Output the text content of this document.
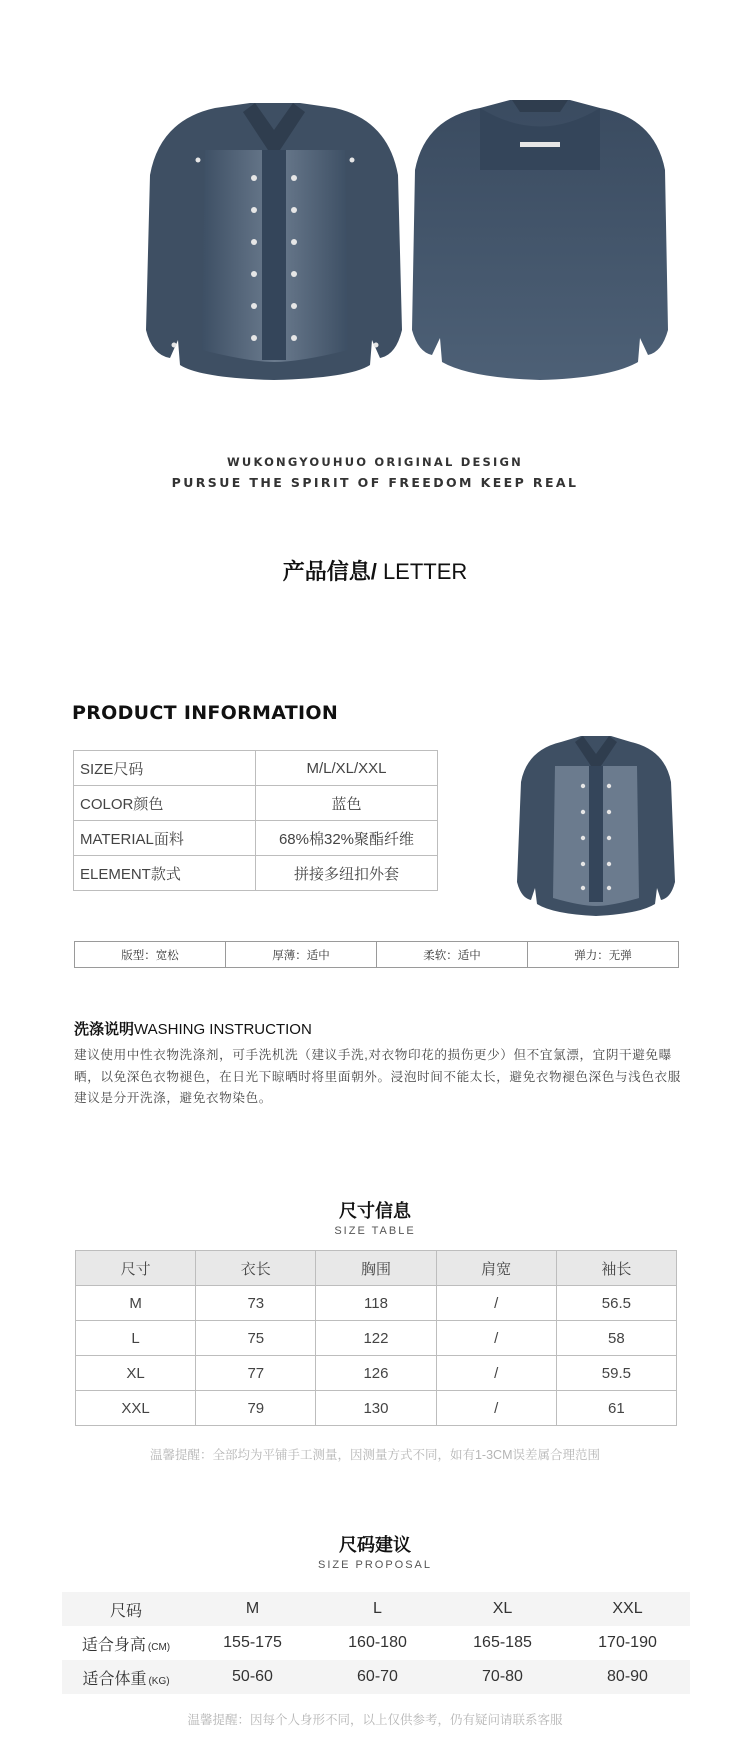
WUKONGYOUHUO ORIGINAL DESIGN
PURSUE THE SPIRIT OF FREEDOM KEEP REAL
产品信息/ LETTER
PRODUCT INFORMATION
SIZE尺码	M/L/XL/XXL
COLOR颜色	蓝色
MATERIAL面料	68%棉32%聚酯纤维
ELEMENT款式	拼接多纽扣外套
版型：宽松	厚薄：适中	柔软：适中	弹力：无弹
洗涤说明WASHING INSTRUCTION
建议使用中性衣物洗涤剂，可手洗机洗（建议手洗,对衣物印花的损伤更少）但不宜氯漂，宜阴干避免曝晒，以免深色衣物褪色，在日光下晾晒时将里面朝外。浸泡时间不能太长，避免衣物褪色深色与浅色衣服建议是分开洗涤，避免衣物染色。
尺寸信息
SIZE TABLE
尺寸	衣长	胸围	肩宽	袖长
M	73	118	/	56.5
L	75	122	/	58
XL	77	126	/	59.5
XXL	79	130	/	61
温馨提醒：全部均为平铺手工测量，因测量方式不同，如有1-3CM误差属合理范围
尺码建议
SIZE PROPOSAL
尺码	M	L	XL	XXL
适合身高 (CM)	155-175	160-180	165-185	170-190
适合体重 (KG)	50-60	60-70	70-80	80-90
温馨提醒：因每个人身形不同，以上仅供参考，仍有疑问请联系客服
